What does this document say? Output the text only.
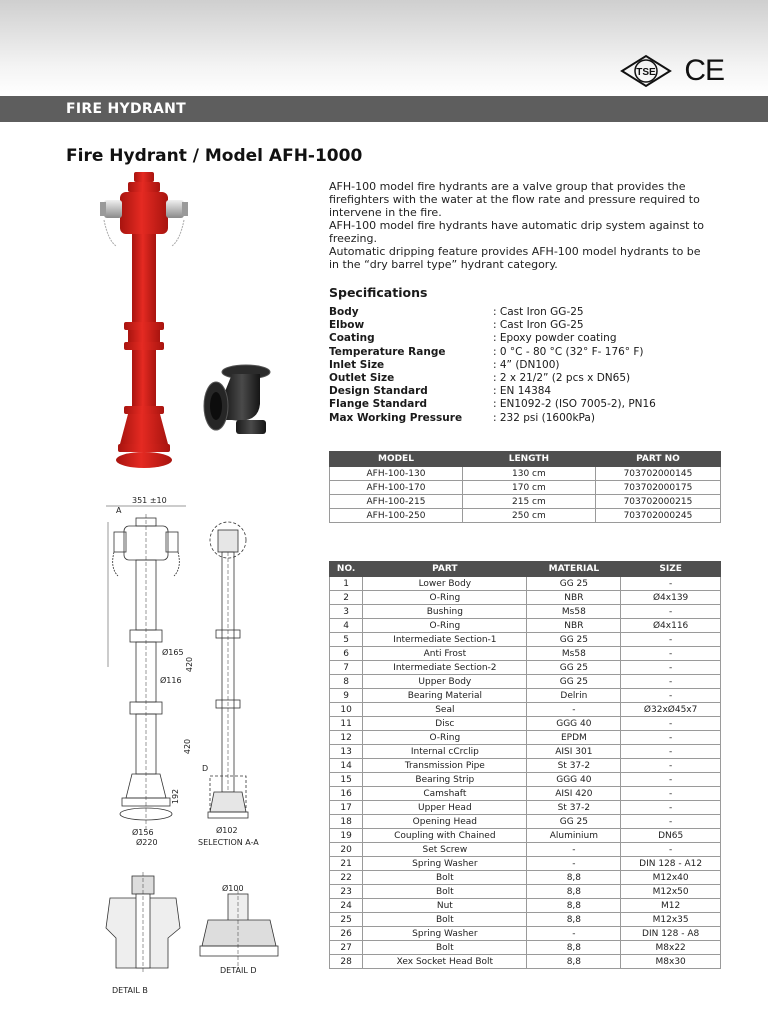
TSE CE
FIRE HYDRANT
Fire Hydrant / Model AFH-1000

AFH-100 model fire hydrants are a valve group that provides the firefighters with the water at the flow rate and pressure required to intervene in the fire.

AFH-100 model fire hydrants have automatic drip system against to freezing.

Automatic dripping feature provides AFH-100 model hydrants to be in the “dry barrel type” hydrant category.

Specifications
Body	: Cast Iron GG-25
Elbow	: Cast Iron GG-25
Coating	: Epoxy powder coating
Temperature Range	: 0 °C - 80 °C (32° F- 176° F)
Inlet Size	: 4” (DN100)
Outlet Size	: 2 x 21/2” (2 pcs x DN65)
Design Standard	: EN 14384
Flange Standard	: EN1092-2 (ISO 7005-2), PN16
Max Working Pressure	: 232 psi (1600kPa)
351 ±10
A
Ø165
Ø116
420
420
192
Ø156
Ø220
Ø102
D
SELECTION A-A
DETAIL B
Ø100
DETAIL D
MODEL	LENGTH	PART NO
AFH-100-130	130 cm	703702000145
AFH-100-170	170 cm	703702000175
AFH-100-215	215 cm	703702000215
AFH-100-250	250 cm	703702000245
NO.	PART	MATERIAL	SIZE
1	Lower Body	GG 25	-
2	O-Ring	NBR	Ø4x139
3	Bushing	Ms58	-
4	O-Ring	NBR	Ø4x116
5	Intermediate Section-1	GG 25	-
6	Anti Frost	Ms58	-
7	Intermediate Section-2	GG 25	-
8	Upper Body	GG 25	-
9	Bearing Material	Delrin	-
10	Seal	-	Ø32xØ45x7
11	Disc	GGG 40	-
12	O-Ring	EPDM	-
13	Internal cCrclip	AISI 301	-
14	Transmission Pipe	St 37-2	-
15	Bearing Strip	GGG 40	-
16	Camshaft	AISI 420	-
17	Upper Head	St 37-2	-
18	Opening Head	GG 25	-
19	Coupling with Chained	Aluminium	DN65
20	Set Screw	-	-
21	Spring Washer	-	DIN 128 - A12
22	Bolt	8,8	M12x40
23	Bolt	8,8	M12x50
24	Nut	8,8	M12
25	Bolt	8,8	M12x35
26	Spring Washer	-	DIN 128 - A8
27	Bolt	8,8	M8x22
28	Xex Socket Head Bolt	8,8	M8x30
